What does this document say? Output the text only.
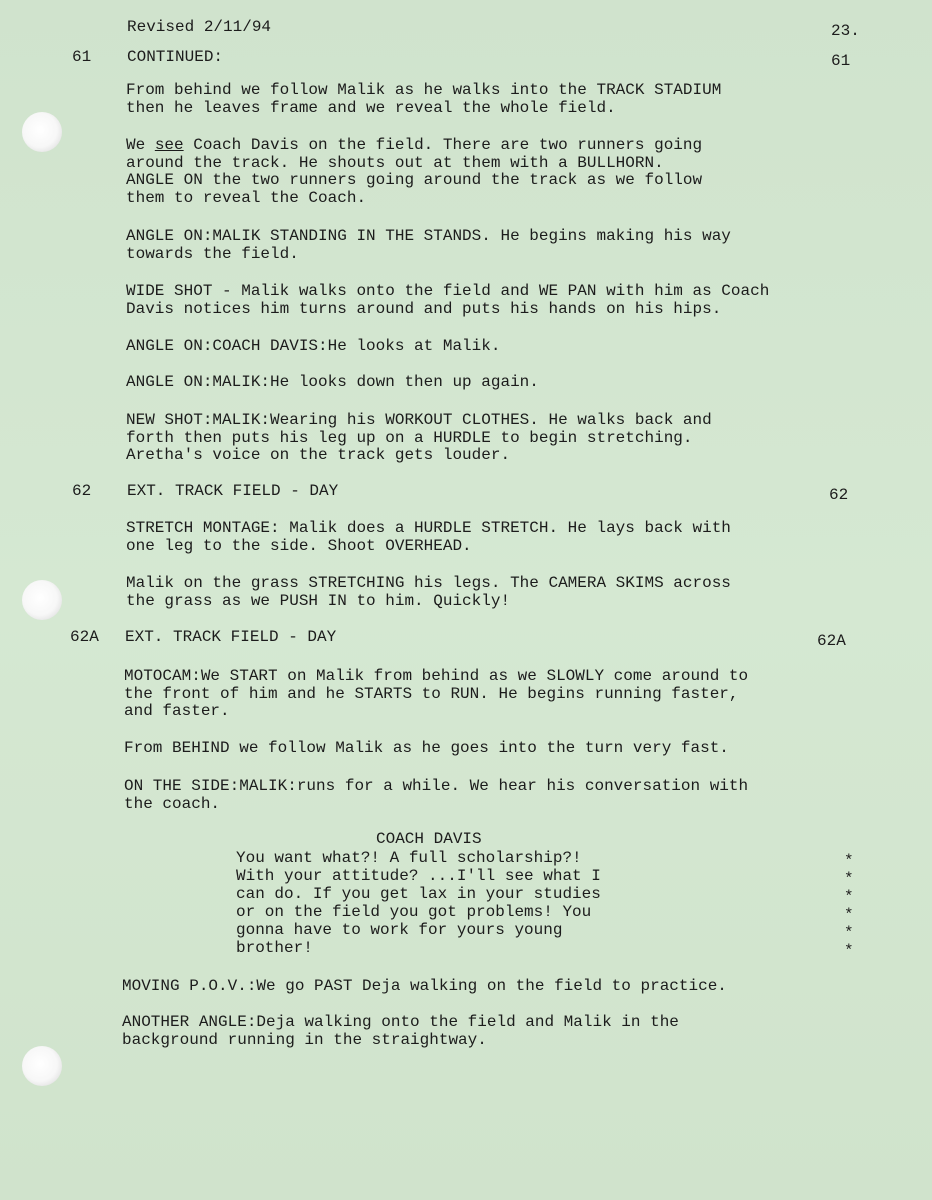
Revised 2/11/94	23.
61 CONTINUED:	61
From behind we follow Malik as he walks into the TRACK STADIUM
then he leaves frame and we reveal the whole field.
We see Coach Davis on the field. There are two runners going
around the track. He shouts out at them with a BULLHORN.
ANGLE ON the two runners going around the track as we follow
them to reveal the Coach.
ANGLE ON:MALIK STANDING IN THE STANDS. He begins making his way
towards the field.
WIDE SHOT - Malik walks onto the field and WE PAN with him as Coach
Davis notices him turns around and puts his hands on his hips.
ANGLE ON:COACH DAVIS:He looks at Malik.
ANGLE ON:MALIK:He looks down then up again.
NEW SHOT:MALIK:Wearing his WORKOUT CLOTHES. He walks back and
forth then puts his leg up on a HURDLE to begin stretching.
Aretha's voice on the track gets louder.
62 EXT. TRACK FIELD - DAY	62
STRETCH MONTAGE: Malik does a HURDLE STRETCH. He lays back with
one leg to the side. Shoot OVERHEAD.
Malik on the grass STRETCHING his legs. The CAMERA SKIMS across
the grass as we PUSH IN to him. Quickly!
62A EXT. TRACK FIELD - DAY	62A
MOTOCAM:We START on Malik from behind as we SLOWLY come around to
the front of him and he STARTS to RUN. He begins running faster,
and faster.
From BEHIND we follow Malik as he goes into the turn very fast.
ON THE SIDE:MALIK:runs for a while. We hear his conversation with
the coach.
COACH DAVIS
You want what?! A full scholarship?!
With your attitude? ...I'll see what I
can do. If you get lax in your studies
or on the field you got problems! You
gonna have to work for yours young
brother!
*
*
*
*
*
*
MOVING P.O.V.:We go PAST Deja walking on the field to practice.
ANOTHER ANGLE:Deja walking onto the field and Malik in the
background running in the straightway.
